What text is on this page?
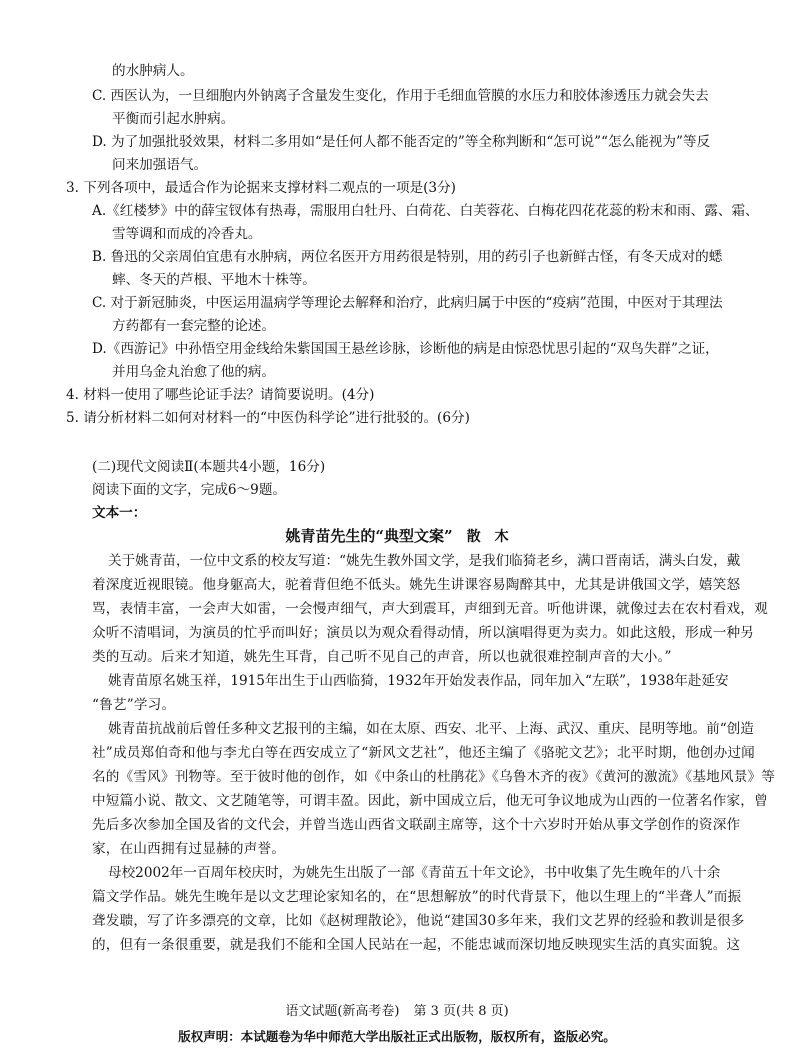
的水肿病人。
C. 西医认为，一旦细胞内外钠离子含量发生变化，作用于毛细血管膜的水压力和胶体渗透压力就会失去
平衡而引起水肿病。
D. 为了加强批驳效果，材料二多用如“是任何人都不能否定的”等全称判断和“怎可说”“怎么能视为”等反
问来加强语气。
3. 下列各项中，最适合作为论据来支撑材料二观点的一项是(3分)
A.《红楼梦》中的薛宝钗体有热毒，需服用白牡丹、白荷花、白芙蓉花、白梅花四花花蕊的粉末和雨、露、霜、
雪等调和而成的冷香丸。
B. 鲁迅的父亲周伯宜患有水肿病，两位名医开方用药很是特别，用的药引子也新鲜古怪，有冬天成对的蟋
蟀、冬天的芦根、平地木十株等。
C. 对于新冠肺炎，中医运用温病学等理论去解释和治疗，此病归属于中医的“疫病”范围，中医对于其理法
方药都有一套完整的论述。
D.《西游记》中孙悟空用金线给朱紫国国王悬丝诊脉，诊断他的病是由惊恐忧思引起的“双鸟失群”之证，
并用乌金丸治愈了他的病。
4. 材料一使用了哪些论证手法？请简要说明。(4分)
5. 请分析材料二如何对材料一的“中医伪科学论”进行批驳的。(6分)
(二)现代文阅读Ⅱ(本题共4小题，16分)
阅读下面的文字，完成6～9题。
文本一：
姚青苗先生的“典型文案” 散　木
关于姚青苗，一位中文系的校友写道：“姚先生教外国文学，是我们临猗老乡，满口晋南话，满头白发，戴
着深度近视眼镜。他身躯高大，驼着背但绝不低头。姚先生讲课容易陶醉其中，尤其是讲俄国文学，嬉笑怒
骂，表情丰富，一会声大如雷，一会慢声细气，声大到震耳，声细到无音。听他讲课，就像过去在农村看戏，观
众听不清唱词，为演员的忙乎而叫好；演员以为观众看得动情，所以演唱得更为卖力。如此这般，形成一种另
类的互动。后来才知道，姚先生耳背，自己听不见自己的声音，所以也就很难控制声音的大小。”
姚青苗原名姚玉祥，1915年出生于山西临猗，1932年开始发表作品，同年加入“左联”，1938年赴延安
“鲁艺”学习。
姚青苗抗战前后曾任多种文艺报刊的主编，如在太原、西安、北平、上海、武汉、重庆、昆明等地。前“创造
社”成员郑伯奇和他与李尤白等在西安成立了“新风文艺社”，他还主编了《骆驼文艺》；北平时期，他创办过闻
名的《雪风》刊物等。至于彼时他的创作，如《中条山的杜鹃花》《乌鲁木齐的夜》《黄河的激流》《基地风景》等
中短篇小说、散文、文艺随笔等，可谓丰盈。因此，新中国成立后，他无可争议地成为山西的一位著名作家，曾
先后多次参加全国及省的文代会，并曾当选山西省文联副主席等，这个十六岁时开始从事文学创作的资深作
家，在山西拥有过显赫的声誉。
母校2002年一百周年校庆时，为姚先生出版了一部《青苗五十年文论》，书中收集了先生晚年的八十余
篇文学作品。姚先生晚年是以文艺理论家知名的，在“思想解放”的时代背景下，他以生理上的“半聋人”而振
聋发聩，写了许多漂亮的文章，比如《赵树理散论》，他说“建国30多年来，我们文艺界的经验和教训是很多
的，但有一条很重要，就是我们不能和全国人民站在一起，不能忠诚而深切地反映现实生活的真实面貌。这
语文试题(新高考卷) 第 3 页(共 8 页)
版权声明：本试题卷为华中师范大学出版社正式出版物，版权所有，盗版必究。
